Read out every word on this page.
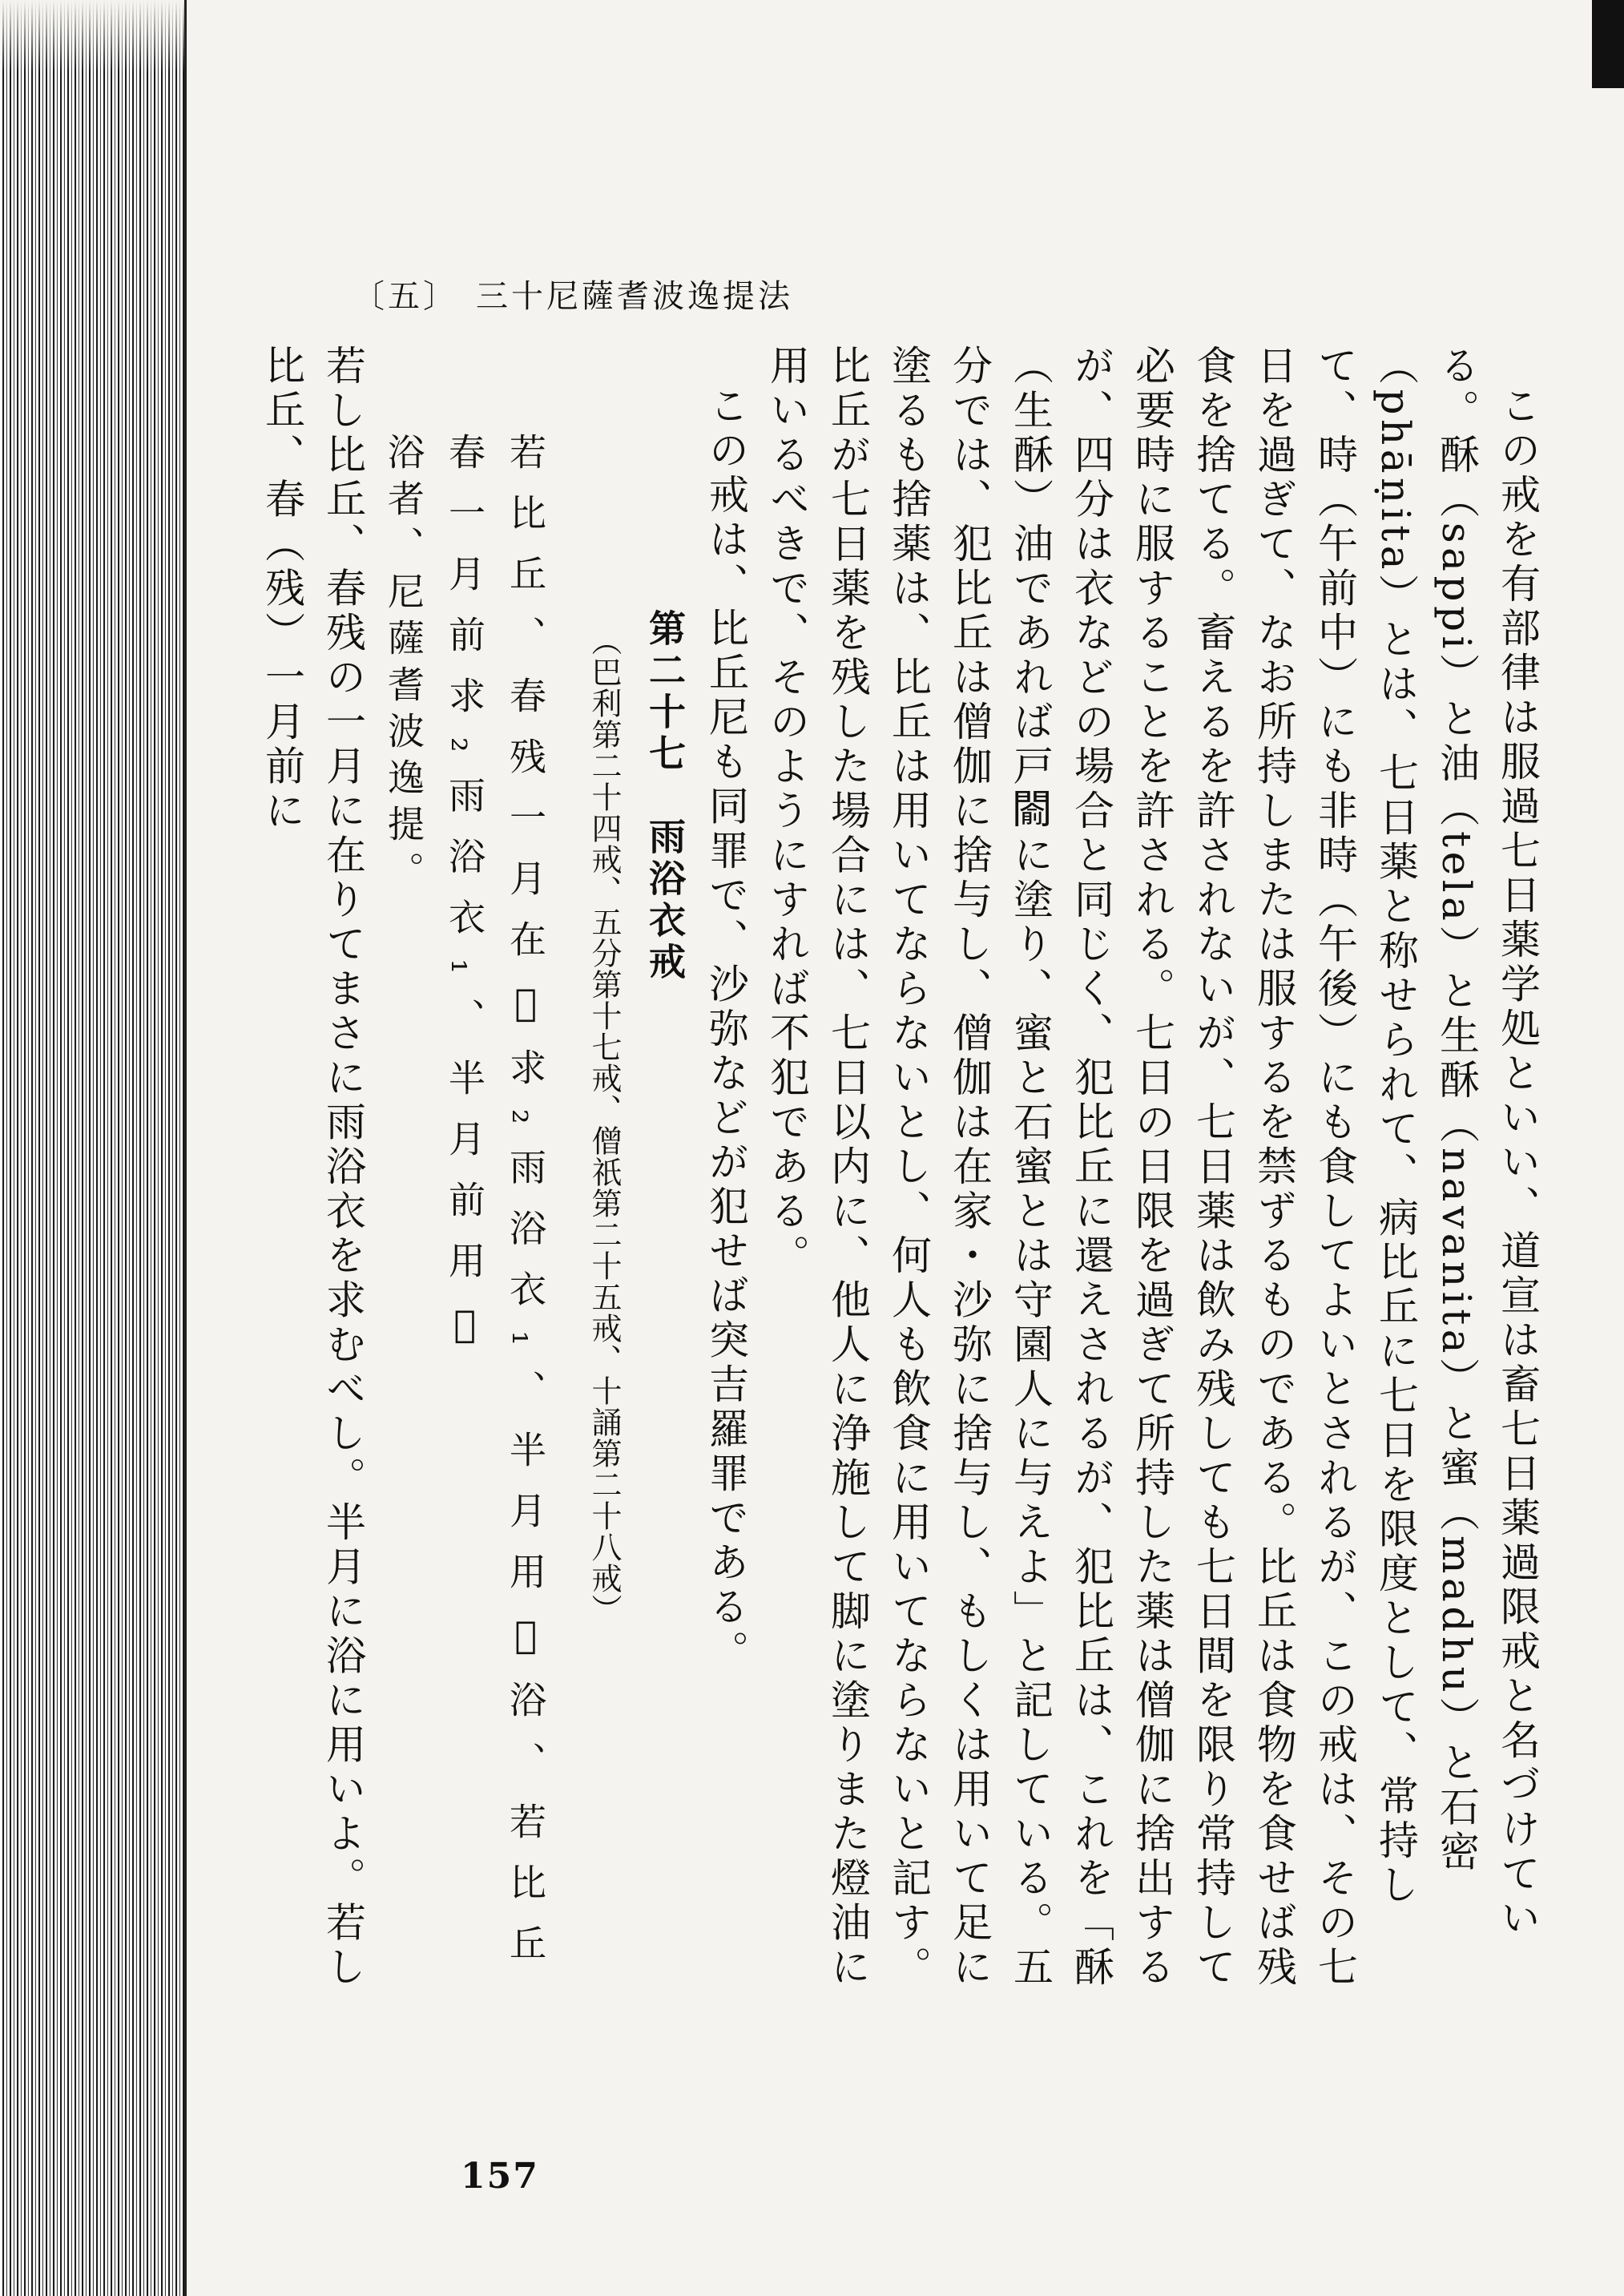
〔五〕 三十尼薩耆波逸提法

この戒を有部律は服過七日薬学処といい、道宣は畜七日薬過限戒と名づけている。酥（sappi）と油（tela）と生酥（navanita）と蜜（madhu）と石密（phāṇita）とは、七日薬と称せられて、病比丘に七日を限度として、常持して、時（午前中）にも非時（午後）にも食してよいとされるが、この戒は、その七日を過ぎて、なお所持しまたは服するを禁ずるものである。比丘は食物を食せば残食を捨てる。畜えるを許されないが、七日薬は飲み残しても七日間を限り常持して必要時に服することを許される。七日の日限を過ぎて所持した薬は僧伽に捨出するが、四分は衣などの場合と同じく、犯比丘に還えされるが、犯比丘は、これを「酥（生酥）油であれば戸𨵦に塗り、蜜と石蜜とは守園人に与えよ」と記している。五分では、犯比丘は僧伽に捨与し、僧伽は在家・沙弥に捨与し、もしくは用いて足に塗るも捨薬は、比丘は用いてならないとし、何人も飲食に用いてならないと記す。比丘が七日薬を残した場合には、七日以内に、他人に浄施して脚に塗りまた燈油に用いるべきで、そのようにすれば不犯である。

この戒は、比丘尼も同罪で、沙弥などが犯せば突吉羅罪である。

第二十七　雨浴衣戒（巴利第二十四戒、五分第十七戒、僧祇第二十五戒、十誦第二十八戒）

若比丘、春残一月在𪜈求₂雨浴衣₁、半月用𪜈浴、若比丘春一月前求₂雨浴衣₁、半月前用𪜈

浴者、尼薩耆波逸提。

若し比丘、春残の一月に在りてまさに雨浴衣を求むべし。半月に浴に用いよ。若し比丘、春（残）一月前に

157
